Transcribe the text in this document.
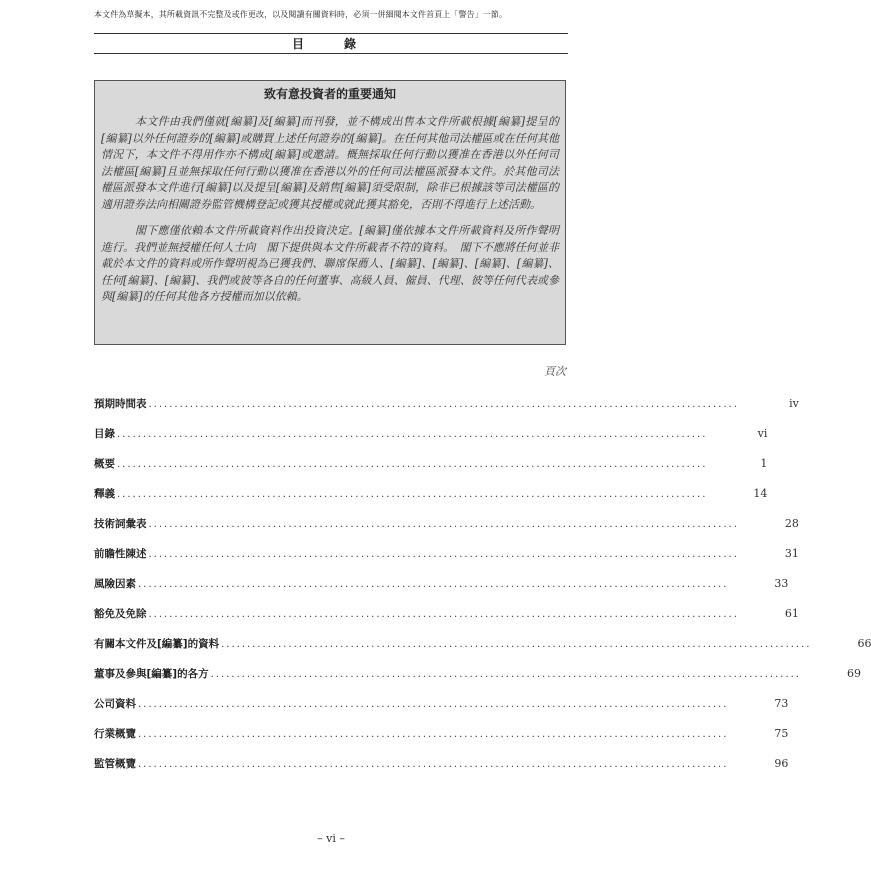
本文件為草擬本，其所載資訊不完整及或作更改，以及閱讀有關資料時，必須一併細閱本文件首頁上「警告」一節。
目　錄
致有意投資者的重要通知

本文件由我們僅就[編纂]及[編纂]而刊發，並不構成出售本文件所載根據[編纂]提呈的[編纂]以外任何證券的[編纂]或購買上述任何證券的[編纂]。在任何其他司法權區或在任何其他情況下，本文件不得用作亦不構成[編纂]或邀請。概無採取任何行動以獲准在香港以外任何司法權區[編纂]且並無採取任何行動以獲准在香港以外的任何司法權區派發本文件。於其他司法權區派發本文件進行[編纂]以及提呈[編纂]及銷售[編纂]須受限制，除非已根據該等司法權區的適用證券法向相關證券監管機構登記或獲其授權或就此獲其豁免，否則不得進行上述活動。

閣下應僅依賴本文件所載資料作出投資決定。[編纂]僅依據本文件所載資料及所作聲明進行。我們並無授權任何人士向　閣下提供與本文件所載者不符的資料。　閣下不應將任何並非載於本文件的資料或所作聲明視為已獲我們、聯席保薦人、[編纂]、[編纂]、[編纂]、[編纂]、任何[編纂]、[編纂]、我們或彼等各自的任何董事、高級人員、僱員、代理、彼等任何代表或參與[編纂]的任何其他各方授權而加以依賴。

頁次
預期時間表 ..................................................................................................................	iv
目錄 ..................................................................................................................	vi
概要 ..................................................................................................................	1
釋義 ..................................................................................................................	14
技術詞彙表 ..................................................................................................................	28
前瞻性陳述 ..................................................................................................................	31
風險因素 ..................................................................................................................	33
豁免及免除 ..................................................................................................................	61
有關本文件及[編纂]的資料 ..................................................................................................................	66
董事及參與[編纂]的各方 ..................................................................................................................	69
公司資料 ..................................................................................................................	73
行業概覽 ..................................................................................................................	75
監管概覽 ..................................................................................................................	96
– vi –
